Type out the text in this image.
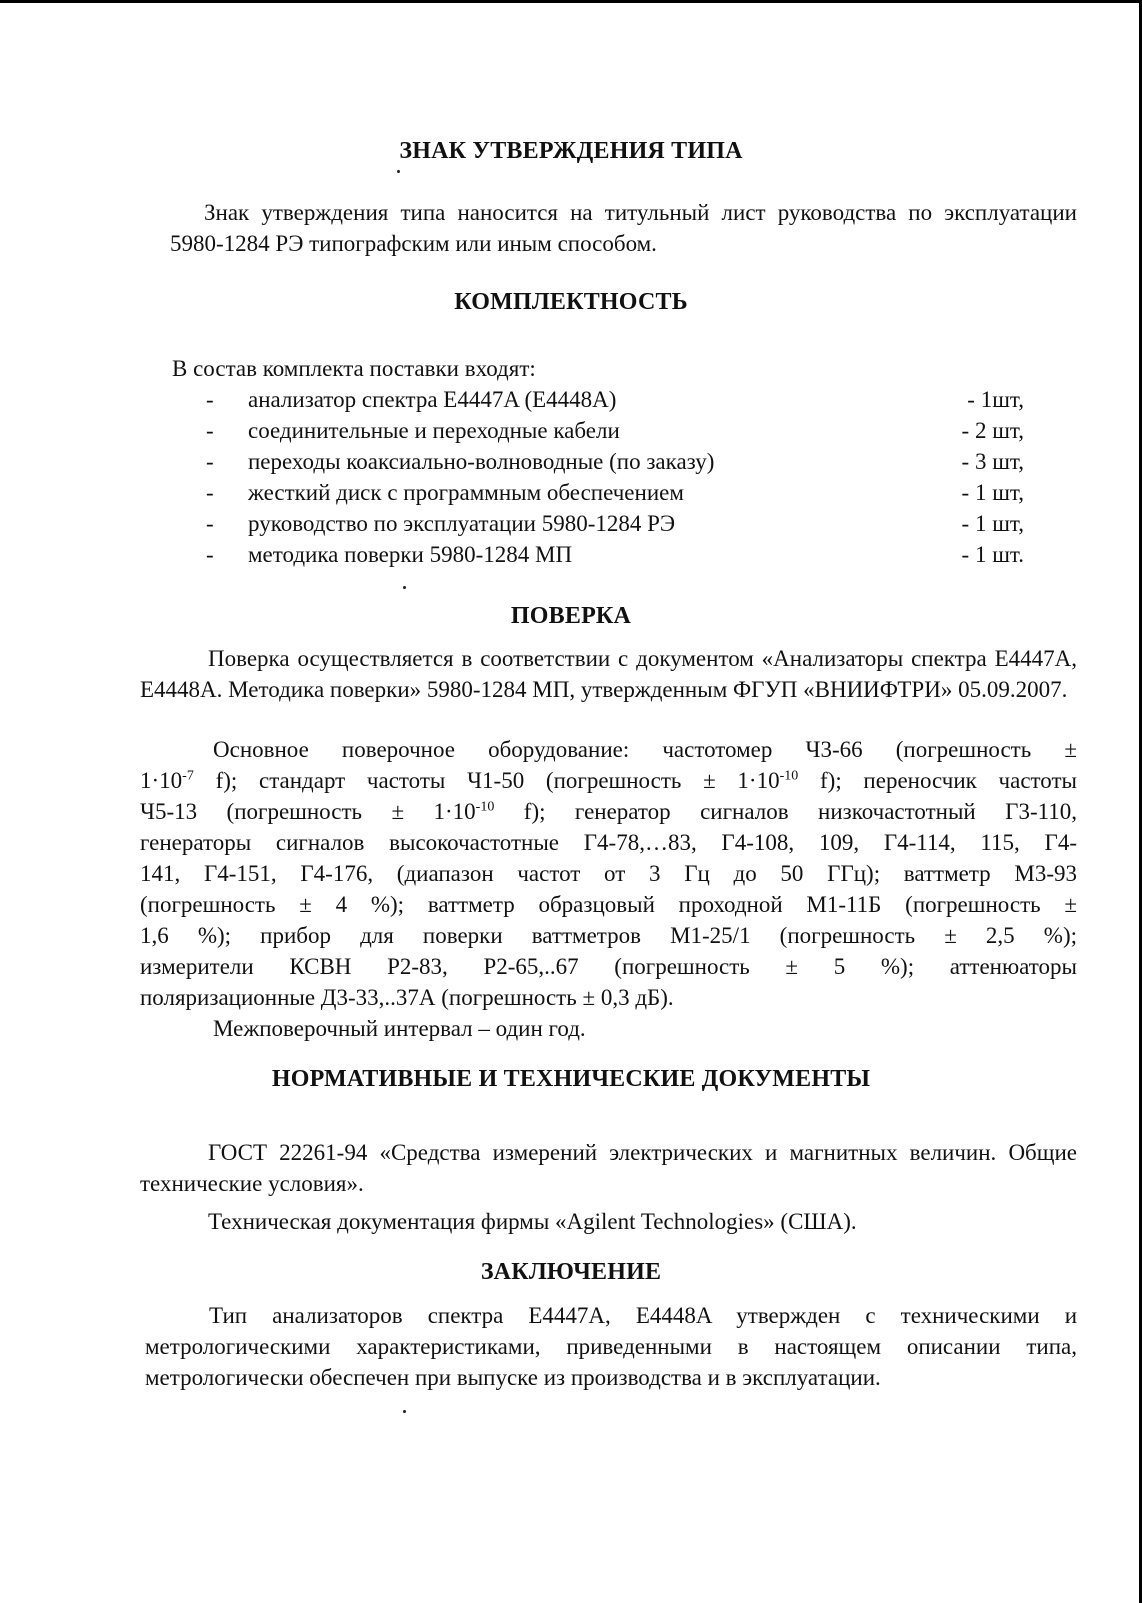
ЗНАК УТВЕРЖДЕНИЯ ТИПА

Знак утверждения типа наносится на титульный лист руководства по эксплуатации 5980-1284 РЭ типографским или иным способом.

КОМПЛЕКТНОСТЬ

В состав комплекта поставки входят:

- анализатор спектра E4447A (E4448A)	- 1шт,
- соединительные и переходные кабели	- 2 шт,
- переходы коаксиально-волноводные (по заказу)	- 3 шт,
- жесткий диск с программным обеспечением	- 1 шт,
- руководство по эксплуатации 5980-1284 РЭ	- 1 шт,
- методика поверки 5980-1284 МП	- 1 шт.
ПОВЕРКА

Поверка осуществляется в соответствии с документом «Анализаторы спектра E4447A, E4448A. Методика поверки» 5980-1284 МП, утвержденным ФГУП «ВНИИФТРИ» 05.09.2007.

Основное поверочное оборудование: частотомер Ч3-66 (погрешность ±

$1\cdot 10^{-7}$ f); стандарт частоты Ч1-50 (погрешность ± $1\cdot 10^{-10}$ f); переносчик частоты

Ч5-13 (погрешность ± $1\cdot 10^{-10}$ f); генератор сигналов низкочастотный Г3-110,

генераторы сигналов высокочастотные Г4-78,…83, Г4-108, 109, Г4-114, 115, Г4-

141, Г4-151, Г4-176, (диапазон частот от 3 Гц до 50 ГГц); ваттметр М3-93

(погрешность ± 4 %); ваттметр образцовый проходной М1-11Б (погрешность ±

1,6 %); прибор для поверки ваттметров М1-25/1 (погрешность ± 2,5 %);

измерители КСВН Р2-83, Р2-65,..67 (погрешность ± 5 %); аттенюаторы

поляризационные Д3-33,..37А (погрешность ± 0,3 дБ).

Межповерочный интервал – один год.

НОРМАТИВНЫЕ И ТЕХНИЧЕСКИЕ ДОКУМЕНТЫ

ГОСТ 22261-94 «Средства измерений электрических и магнитных величин. Общие технические условия».

Техническая документация фирмы «Agilent Technologies» (США).

ЗАКЛЮЧЕНИЕ

Тип анализаторов спектра E4447A, E4448A утвержден с техническими и метрологическими характеристиками, приведенными в настоящем описании типа, метрологически обеспечен при выпуске из производства и в эксплуатации.
